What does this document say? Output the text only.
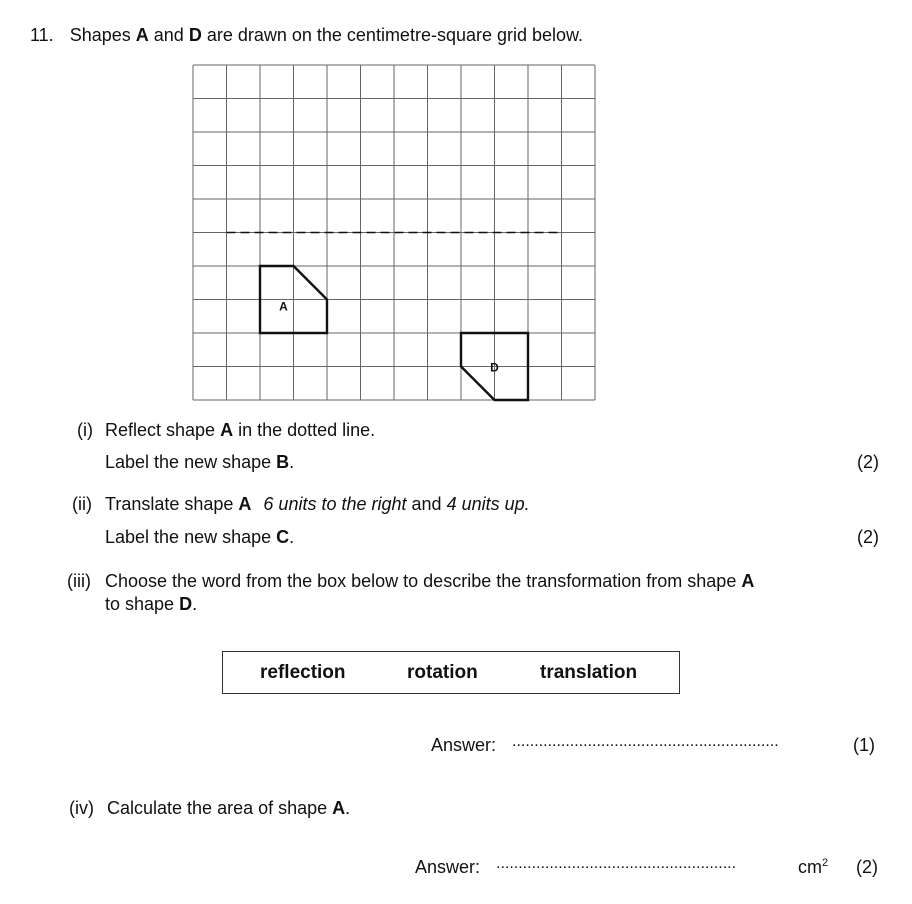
11. Shapes A and D are drawn on the centimetre-square grid below.
A
D
(i) Reflect shape A in the dotted line.
Label the new shape B.	(2)
(ii) Translate shape A 6 units to the right and 4 units up.
Label the new shape C.	(2)
(iii) Choose the word from the box below to describe the transformation from shape A
to shape D.
reflection	rotation	translation
Answer: ............................................................	(1)
(iv) Calculate the area of shape A.
Answer: ......................................................	$cm^2$ (2)
